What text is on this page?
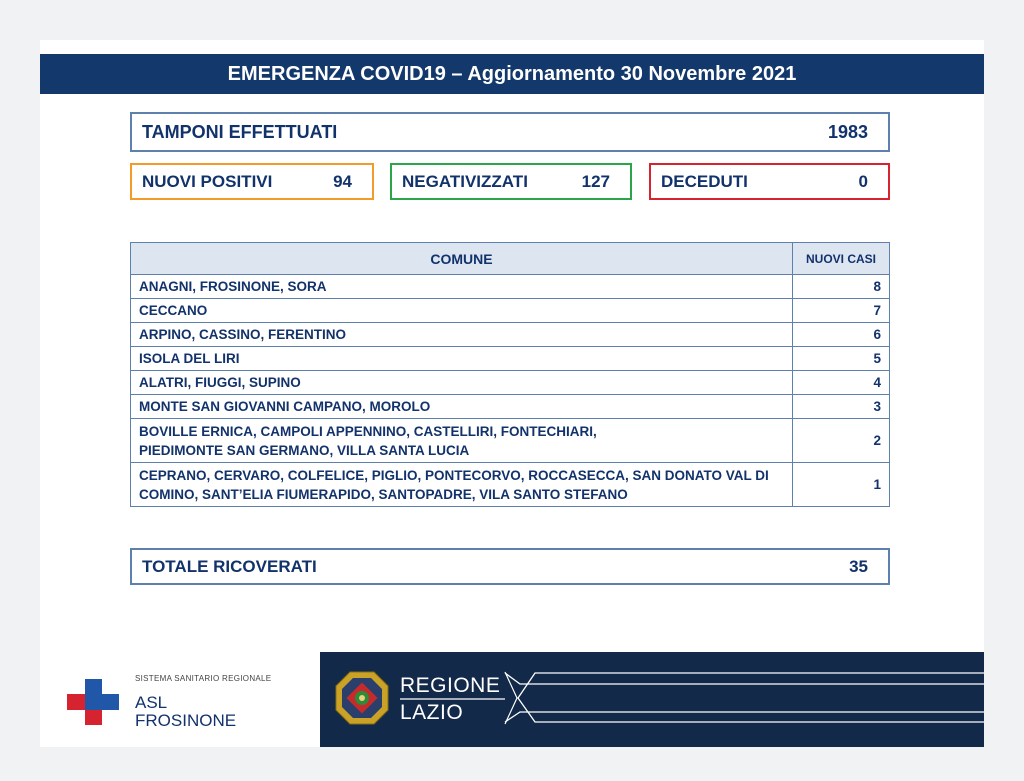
EMERGENZA COVID19 – Aggiornamento 30 Novembre 2021
TAMPONI EFFETTUATI	1983
NUOVI POSITIVI	94	NEGATIVIZZATI	127	DECEDUTI	0
COMUNE	NUOVI CASI
ANAGNI, FROSINONE, SORA	8
CECCANO	7
ARPINO, CASSINO, FERENTINO	6
ISOLA DEL LIRI	5
ALATRI, FIUGGI, SUPINO	4
MONTE SAN GIOVANNI CAMPANO, MOROLO	3

BOVILLE ERNICA, CAMPOLI APPENNINO, CASTELLIRI, FONTECHIARI,
PIEDIMONTE SAN GERMANO, VILLA SANTA LUCIA	2

CEPRANO, CERVARO, COLFELICE, PIGLIO, PONTECORVO, ROCCASECCA, SAN DONATO VAL DI
COMINO, SANT’ELIA FIUMERAPIDO, SANTOPADRE, VILA SANTO STEFANO	1
TOTALE RICOVERATI	35
SISTEMA SANITARIO REGIONALE
ASL
FROSINONE
REGIONE
LAZIO
